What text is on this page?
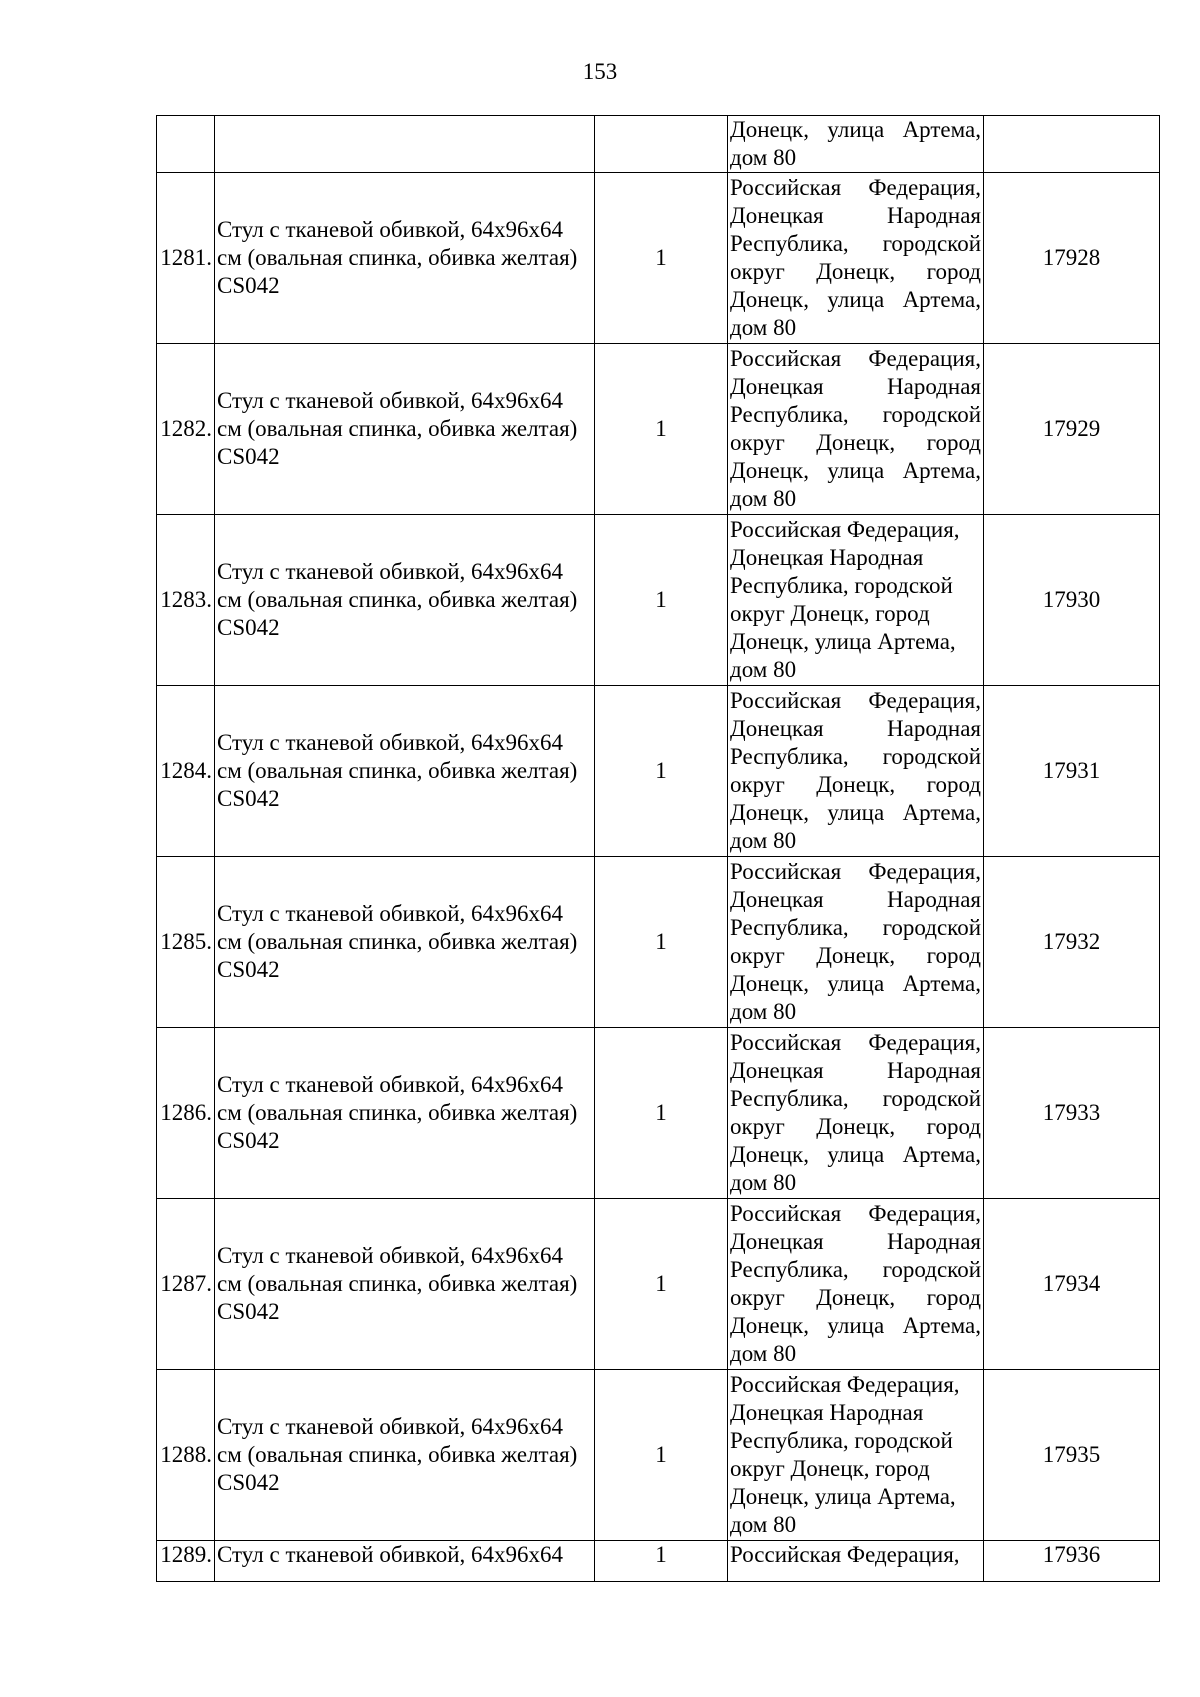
153
			Донецк, улица Артема, дом 80	
1281.	Стул с тканевой обивкой, 64x96x64 см (овальная спинка, обивка желтая) CS042	1	Российская Федерация, Донецкая Народная Республика, городской округ Донецк, город Донецк, улица Артема, дом 80	17928
1282.	Стул с тканевой обивкой, 64x96x64 см (овальная спинка, обивка желтая) CS042	1	Российская Федерация, Донецкая Народная Республика, городской округ Донецк, город Донецк, улица Артема, дом 80	17929
1283.	Стул с тканевой обивкой, 64x96x64 см (овальная спинка, обивка желтая) CS042	1	Российская Федерация, Донецкая Народная Республика, городской округ Донецк, город Донецк, улица Артема, дом 80	17930
1284.	Стул с тканевой обивкой, 64x96x64 см (овальная спинка, обивка желтая) CS042	1	Российская Федерация, Донецкая Народная Республика, городской округ Донецк, город Донецк, улица Артема, дом 80	17931
1285.	Стул с тканевой обивкой, 64x96x64 см (овальная спинка, обивка желтая) CS042	1	Российская Федерация, Донецкая Народная Республика, городской округ Донецк, город Донецк, улица Артема, дом 80	17932
1286.	Стул с тканевой обивкой, 64x96x64 см (овальная спинка, обивка желтая) CS042	1	Российская Федерация, Донецкая Народная Республика, городской округ Донецк, город Донецк, улица Артема, дом 80	17933
1287.	Стул с тканевой обивкой, 64x96x64 см (овальная спинка, обивка желтая) CS042	1	Российская Федерация, Донецкая Народная Республика, городской округ Донецк, город Донецк, улица Артема, дом 80	17934
1288.	Стул с тканевой обивкой, 64x96x64 см (овальная спинка, обивка желтая) CS042	1	Российская Федерация, Донецкая Народная Республика, городской округ Донецк, город Донецк, улица Артема, дом 80	17935
1289.	Стул с тканевой обивкой, 64x96x64	1	Российская Федерация,	17936
